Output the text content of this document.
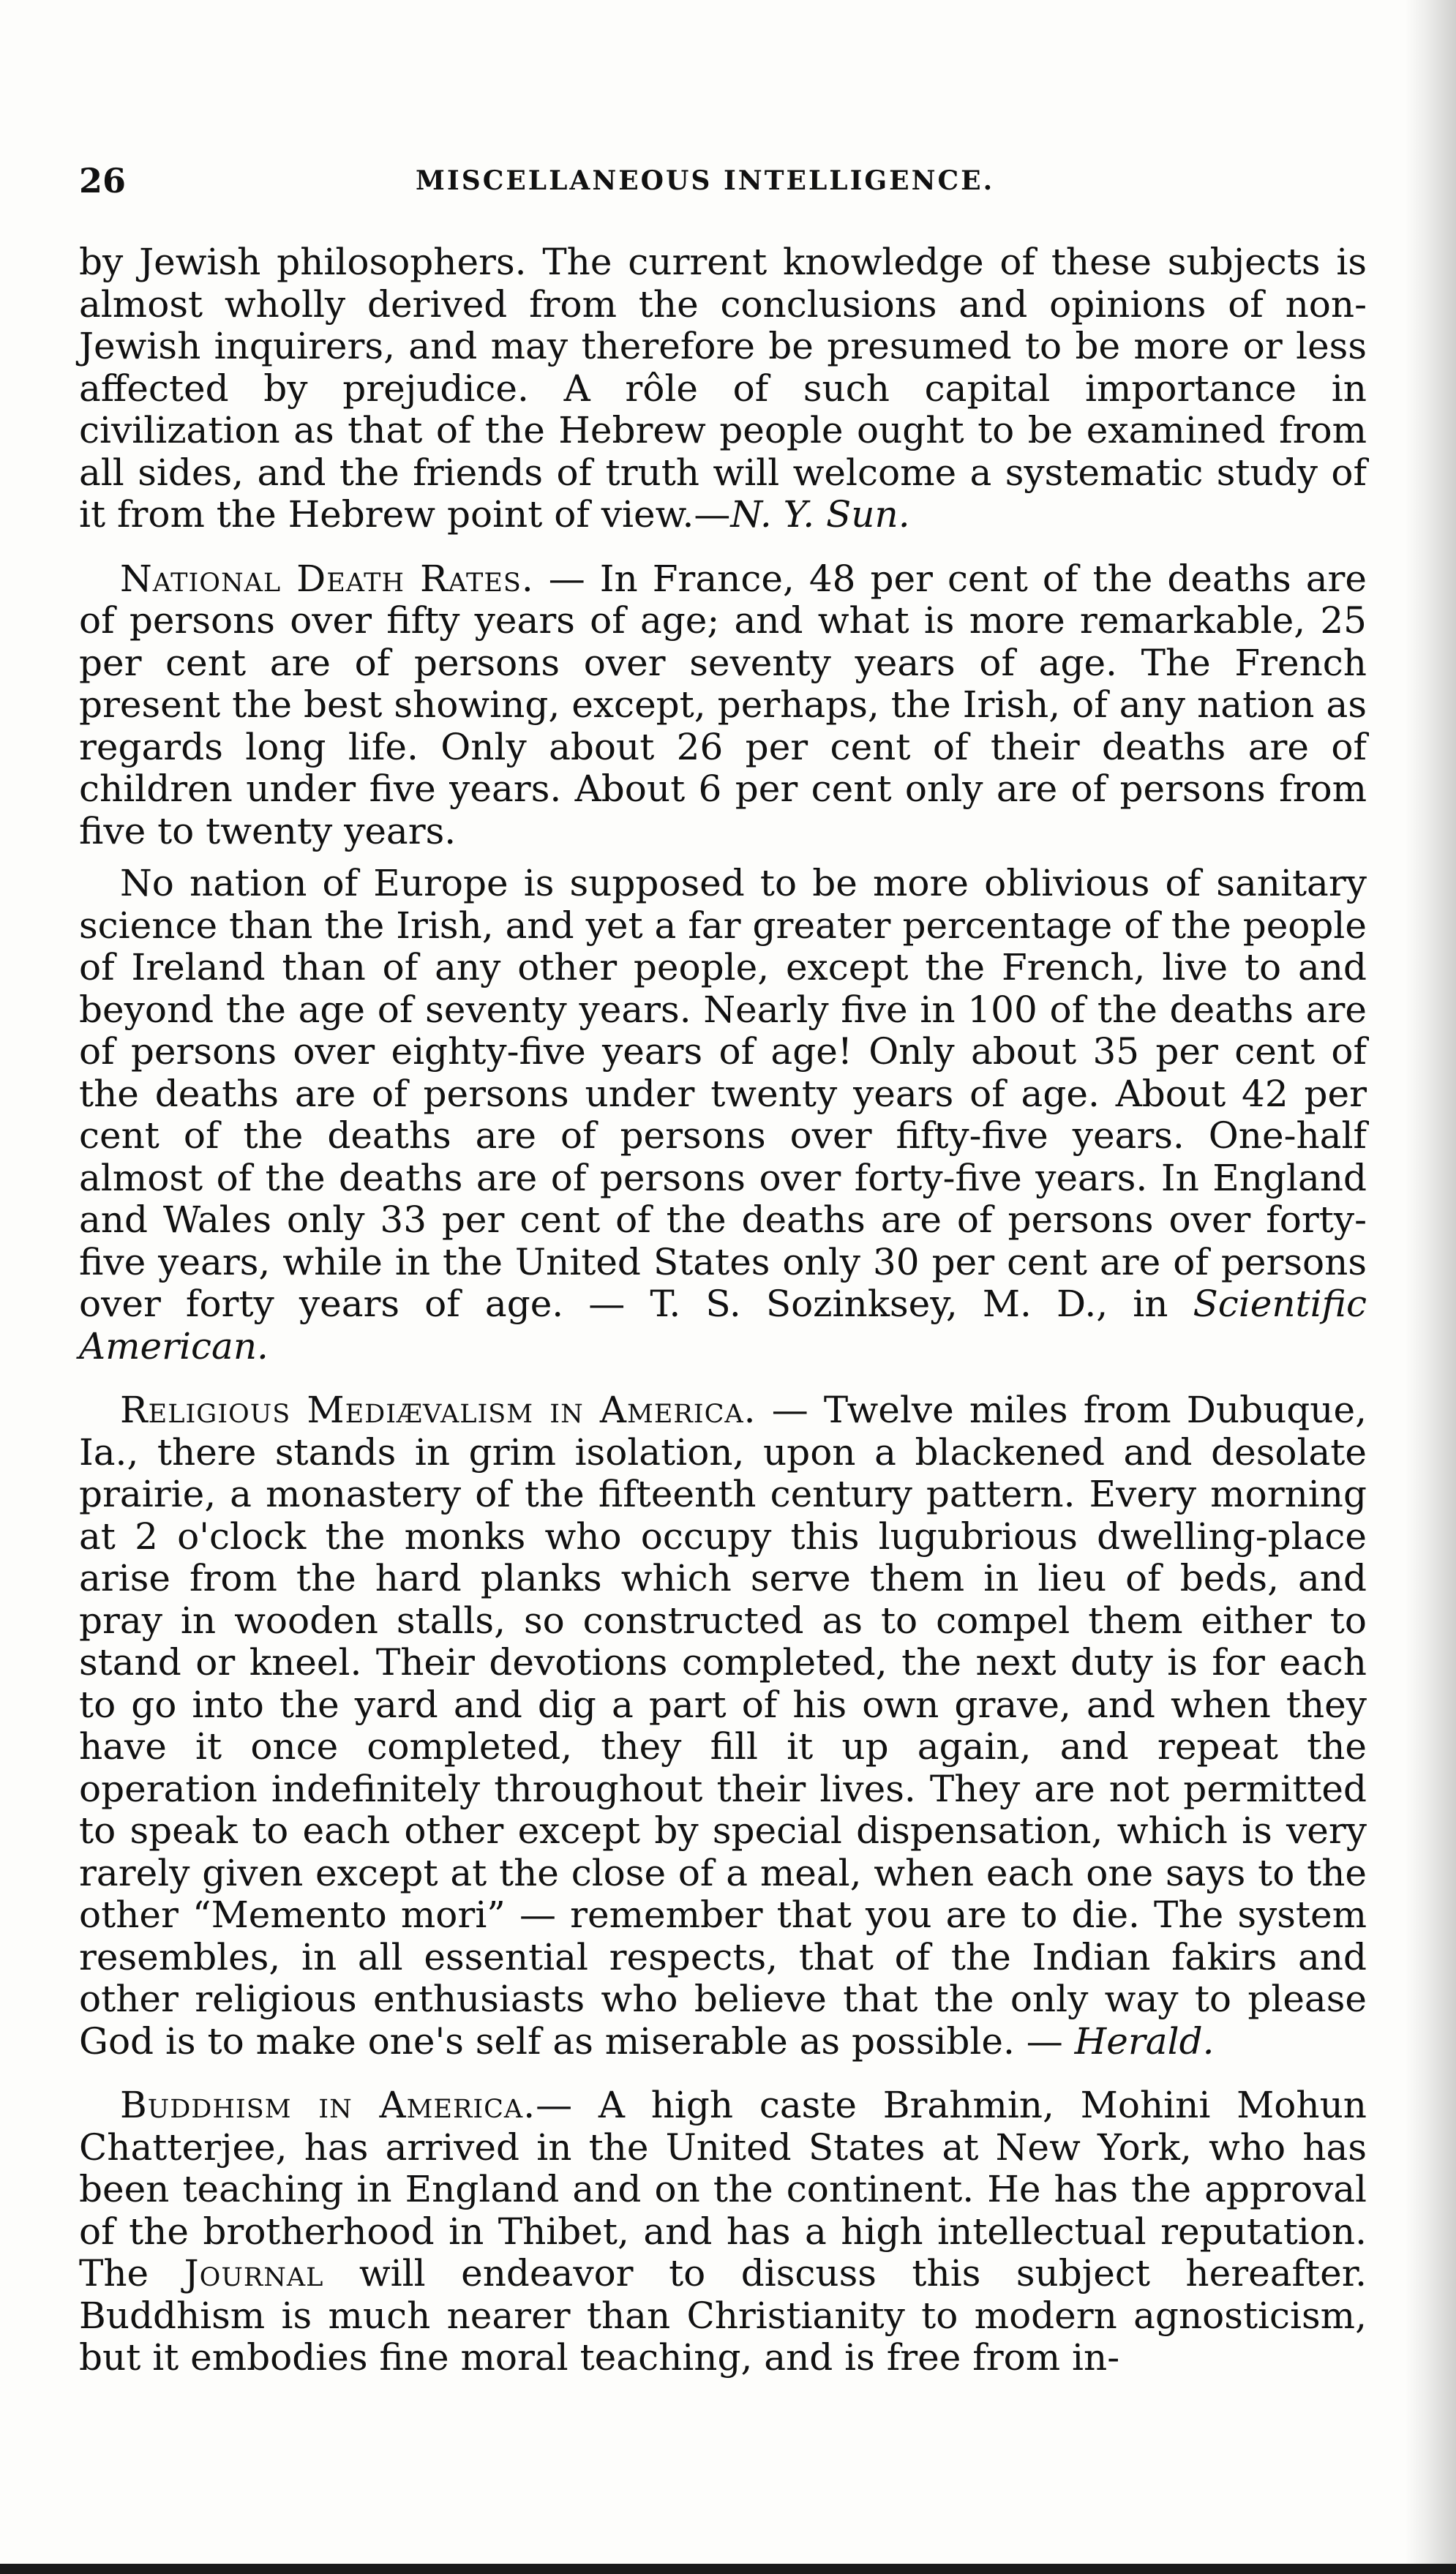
26	MISCELLANEOUS INTELLIGENCE.

by Jewish philosophers. The current knowledge of these subjects is almost wholly derived from the conclusions and opinions of non-Jewish inquirers, and may therefore be presumed to be more or less affected by prejudice. A rôle of such capital importance in civilization as that of the Hebrew people ought to be examined from all sides, and the friends of truth will welcome a systematic study of it from the Hebrew point of view.—N. Y. Sun.

National Death Rates. — In France, 48 per cent of the deaths are of persons over fifty years of age; and what is more remarkable, 25 per cent are of persons over seventy years of age. The French present the best showing, except, perhaps, the Irish, of any nation as regards long life. Only about 26 per cent of their deaths are of children under five years. About 6 per cent only are of persons from five to twenty years.

No nation of Europe is supposed to be more oblivious of sanitary science than the Irish, and yet a far greater percentage of the people of Ireland than of any other people, except the French, live to and beyond the age of seventy years. Nearly five in 100 of the deaths are of persons over eighty-five years of age! Only about 35 per cent of the deaths are of persons under twenty years of age. About 42 per cent of the deaths are of persons over fifty-five years. One-half almost of the deaths are of persons over forty-five years. In England and Wales only 33 per cent of the deaths are of persons over forty-five years, while in the United States only 30 per cent are of persons over forty years of age. — T. S. Sozinksey, M. D., in Scientific American.

Religious Mediævalism in America. — Twelve miles from Dubuque, Ia., there stands in grim isolation, upon a blackened and desolate prairie, a monastery of the fifteenth century pattern. Every morning at 2 o'clock the monks who occupy this lugubrious dwelling-place arise from the hard planks which serve them in lieu of beds, and pray in wooden stalls, so constructed as to compel them either to stand or kneel. Their devotions completed, the next duty is for each to go into the yard and dig a part of his own grave, and when they have it once completed, they fill it up again, and repeat the operation indefinitely throughout their lives. They are not permitted to speak to each other except by special dispensation, which is very rarely given except at the close of a meal, when each one says to the other “Memento mori” — remember that you are to die. The system resembles, in all essential respects, that of the Indian fakirs and other religious enthusiasts who believe that the only way to please God is to make one's self as miserable as possible. — Herald.

Buddhism in America.— A high caste Brahmin, Mohini Mohun Chatterjee, has arrived in the United States at New York, who has been teaching in England and on the continent. He has the approval of the brotherhood in Thibet, and has a high intellectual reputation. The Journal will endeavor to discuss this subject hereafter. Buddhism is much nearer than Christianity to modern agnosticism, but it embodies fine moral teaching, and is free from in-
